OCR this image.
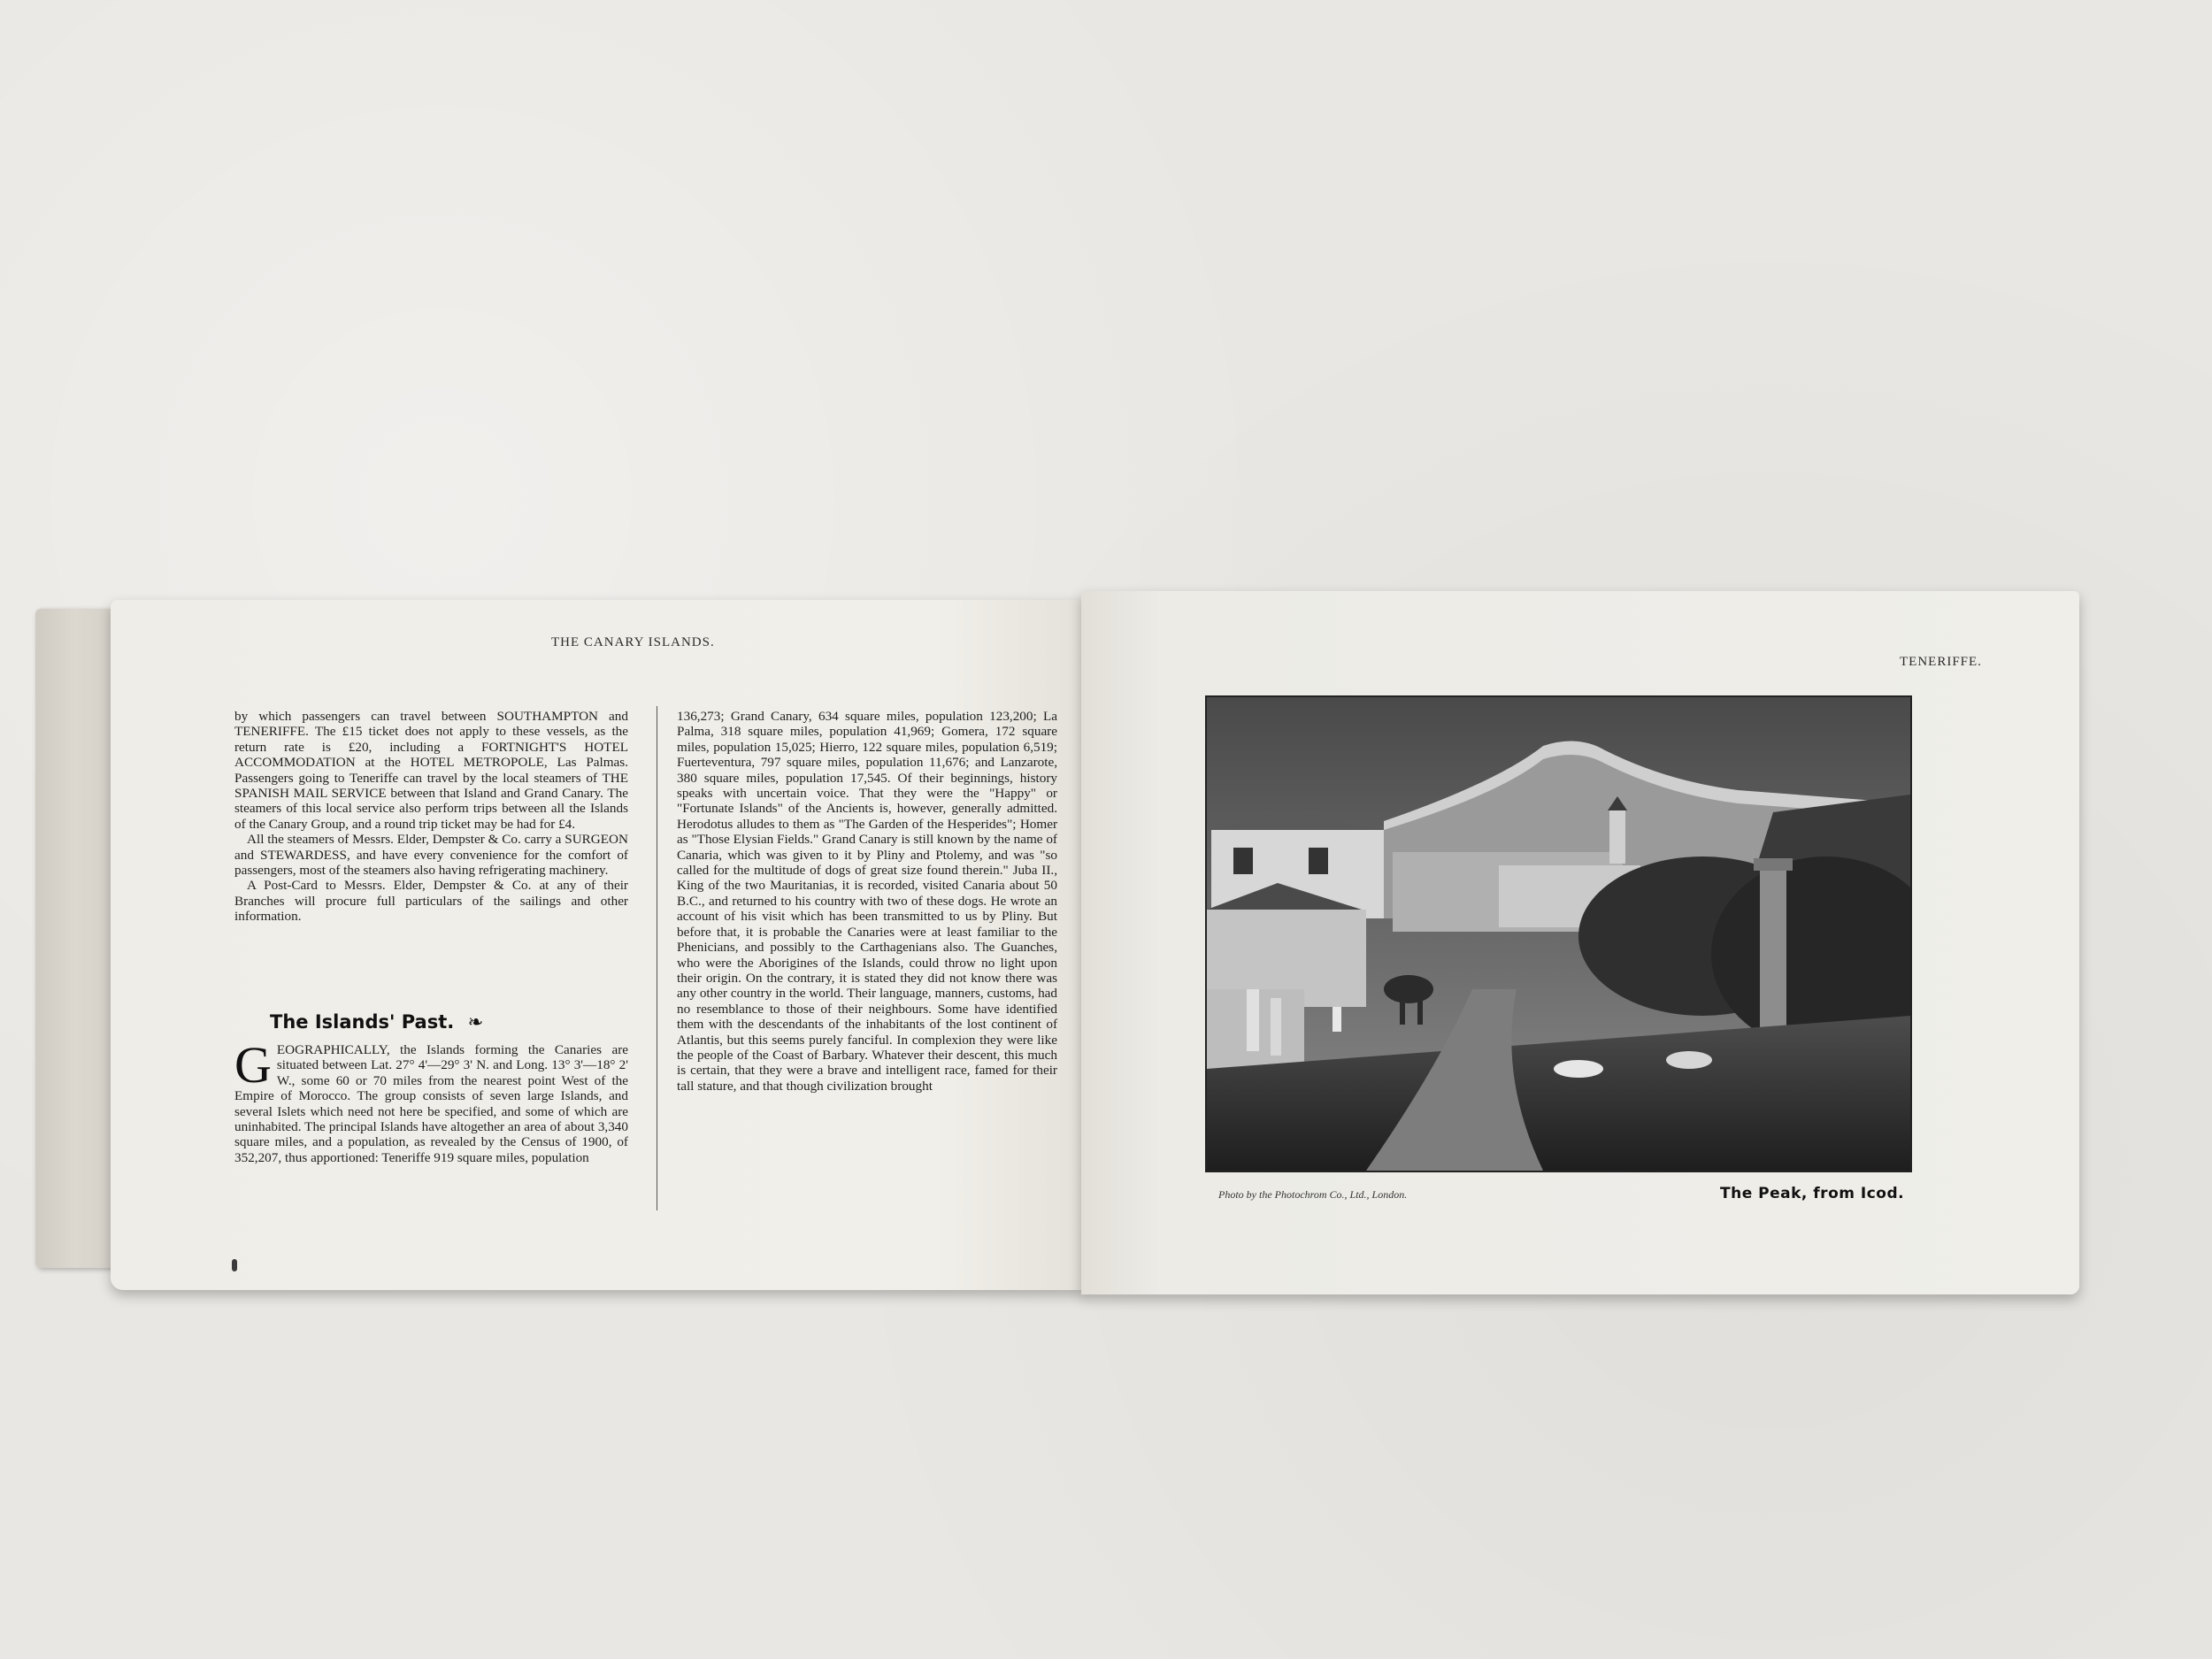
THE CANARY ISLANDS.

by which passengers can travel between SOUTHAMPTON and TENERIFFE. The £15 ticket does not apply to these vessels, as the return rate is £20, including a FORTNIGHT'S HOTEL ACCOMMODATION at the HOTEL METROPOLE, Las Palmas. Passengers going to Teneriffe can travel by the local steamers of THE SPANISH MAIL SERVICE between that Island and Grand Canary. The steamers of this local service also perform trips between all the Islands of the Canary Group, and a round trip ticket may be had for £4.

All the steamers of Messrs. Elder, Dempster & Co. carry a SURGEON and STEWARDESS, and have every convenience for the comfort of passengers, most of the steamers also having refrigerating machinery.

A Post-Card to Messrs. Elder, Dempster & Co. at any of their Branches will procure full particulars of the sailings and other information.

The Islands' Past. ❧
G EOGRAPHICALLY, the Islands forming the Canaries are situated between Lat. 27° 4'—29° 3' N. and Long. 13° 3'—18° 2' W., some 60 or 70 miles from the nearest point West of the Empire of Morocco. The group consists of seven large Islands, and several Islets which need not here be specified, and some of which are uninhabited. The principal Islands have altogether an area of about 3,340 square miles, and a population, as revealed by the Census of 1900, of 352,207, thus apportioned: Teneriffe 919 square miles, population

136,273; Grand Canary, 634 square miles, population 123,200; La Palma, 318 square miles, population 41,969; Gomera, 172 square miles, population 15,025; Hierro, 122 square miles, population 6,519; Fuerteventura, 797 square miles, population 11,676; and Lanzarote, 380 square miles, population 17,545. Of their beginnings, history speaks with uncertain voice. That they were the "Happy" or "Fortunate Islands" of the Ancients is, however, generally admitted. Herodotus alludes to them as "The Garden of the Hesperides"; Homer as "Those Elysian Fields." Grand Canary is still known by the name of Canaria, which was given to it by Pliny and Ptolemy, and was "so called for the multitude of dogs of great size found therein." Juba II., King of the two Mauritanias, it is recorded, visited Canaria about 50 B.C., and returned to his country with two of these dogs. He wrote an account of his visit which has been transmitted to us by Pliny. But before that, it is probable the Canaries were at least familiar to the Phenicians, and possibly to the Carthagenians also. The Guanches, who were the Aborigines of the Islands, could throw no light upon their origin. On the contrary, it is stated they did not know there was any other country in the world. Their language, manners, customs, had no resemblance to those of their neighbours. Some have identified them with the descendants of the inhabitants of the lost continent of Atlantis, but this seems purely fanciful. In complexion they were like the people of the Coast of Barbary. Whatever their descent, this much is certain, that they were a brave and intelligent race, famed for their tall stature, and that though civilization brought

TENERIFFE.
Photo by the Photochrom Co., Ltd., London.	The Peak, from Icod.
